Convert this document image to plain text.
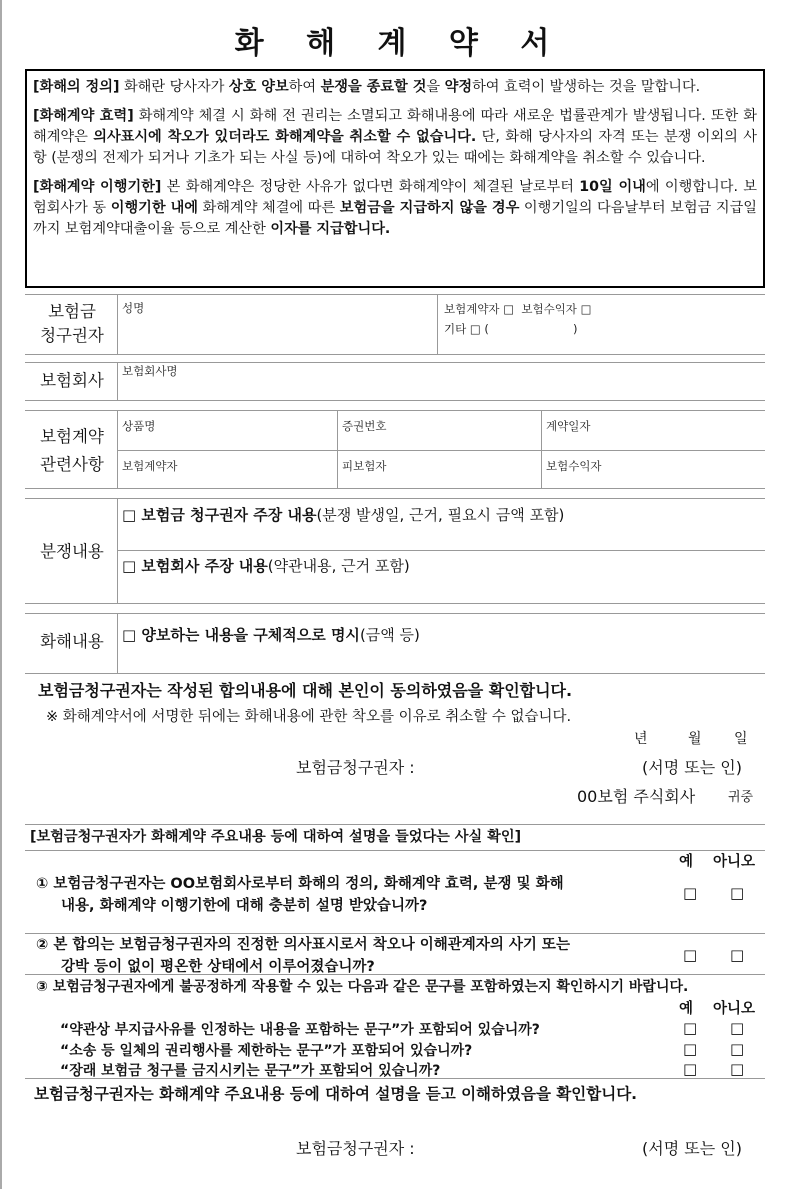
화 해 계 약 서

[화해의 정의] 화해란 당사자가 상호 양보하여 분쟁을 종료할 것을 약정하여 효력이 발생하는 것을 말합니다.

[화해계약 효력] 화해계약 체결 시 화해 전 권리는 소멸되고 화해내용에 따라 새로운 법률관계가 발생됩니다. 또한 화해계약은 의사표시에 착오가 있더라도 화해계약을 취소할 수 없습니다. 단, 화해 당사자의 자격 또는 분쟁 이외의 사항 (분쟁의 전제가 되거나 기초가 되는 사실 등)에 대하여 착오가 있는 때에는 화해계약을 취소할 수 있습니다.

[화해계약 이행기한] 본 화해계약은 정당한 사유가 없다면 화해계약이 체결된 날로부터 10일 이내에 이행합니다. 보험회사가 동 이행기한 내에 화해계약 체결에 따른 보험금을 지급하지 않을 경우 이행기일의 다음날부터 보험금 지급일까지 보험계약대출이율 등으로 계산한 이자를 지급합니다.

보험금
청구권자
성명	보험계약자 □  보험수익자 □
기타 □ (                       )
보험회사	보험회사명
보험계약
관련사항
상품명	증권번호	계약일자
보험계약자	피보험자	보험수익자
분쟁내용
□ 보험금 청구권자 주장 내용(분쟁 발생일, 근거, 필요시 금액 포함)
□ 보험회사 주장 내용(약관내용, 근거 포함)
화해내용	□ 양보하는 내용을 구체적으로 명시(금액 등)
보험금청구권자는 작성된 합의내용에 대해 본인이 동의하였음을 확인합니다.
※ 화해계약서에 서명한 뒤에는 화해내용에 관한 착오를 이유로 취소할 수 없습니다.
년	월 일
보험금청구권자 :	(서명 또는 인)
00보험 주식회사	귀중
[보험금청구권자가 화해계약 주요내용 등에 대하여 설명을 들었다는 사실 확인]
예 아니오
① 보험금청구권자는 OO보험회사로부터 화해의 정의, 화해계약 효력, 분쟁 및 화해
내용, 화해계약 이행기한에 대해 충분히 설명 받았습니까?
□ □
② 본 합의는 보험금청구권자의 진정한 의사표시로서 착오나 이해관계자의 사기 또는
강박 등이 없이 평온한 상태에서 이루어졌습니까?
□ □
③ 보험금청구권자에게 불공정하게 작용할 수 있는 다음과 같은 문구를 포함하였는지 확인하시기 바랍니다.
예 아니오
“약관상 부지급사유를 인정하는 내용을 포함하는 문구”가 포함되어 있습니까?	□ □
“소송 등 일체의 권리행사를 제한하는 문구”가 포함되어 있습니까?	□ □
“장래 보험금 청구를 금지시키는 문구”가 포함되어 있습니까?	□ □
보험금청구권자는 화해계약 주요내용 등에 대하여 설명을 듣고 이해하였음을 확인합니다.
보험금청구권자 :	(서명 또는 인)
